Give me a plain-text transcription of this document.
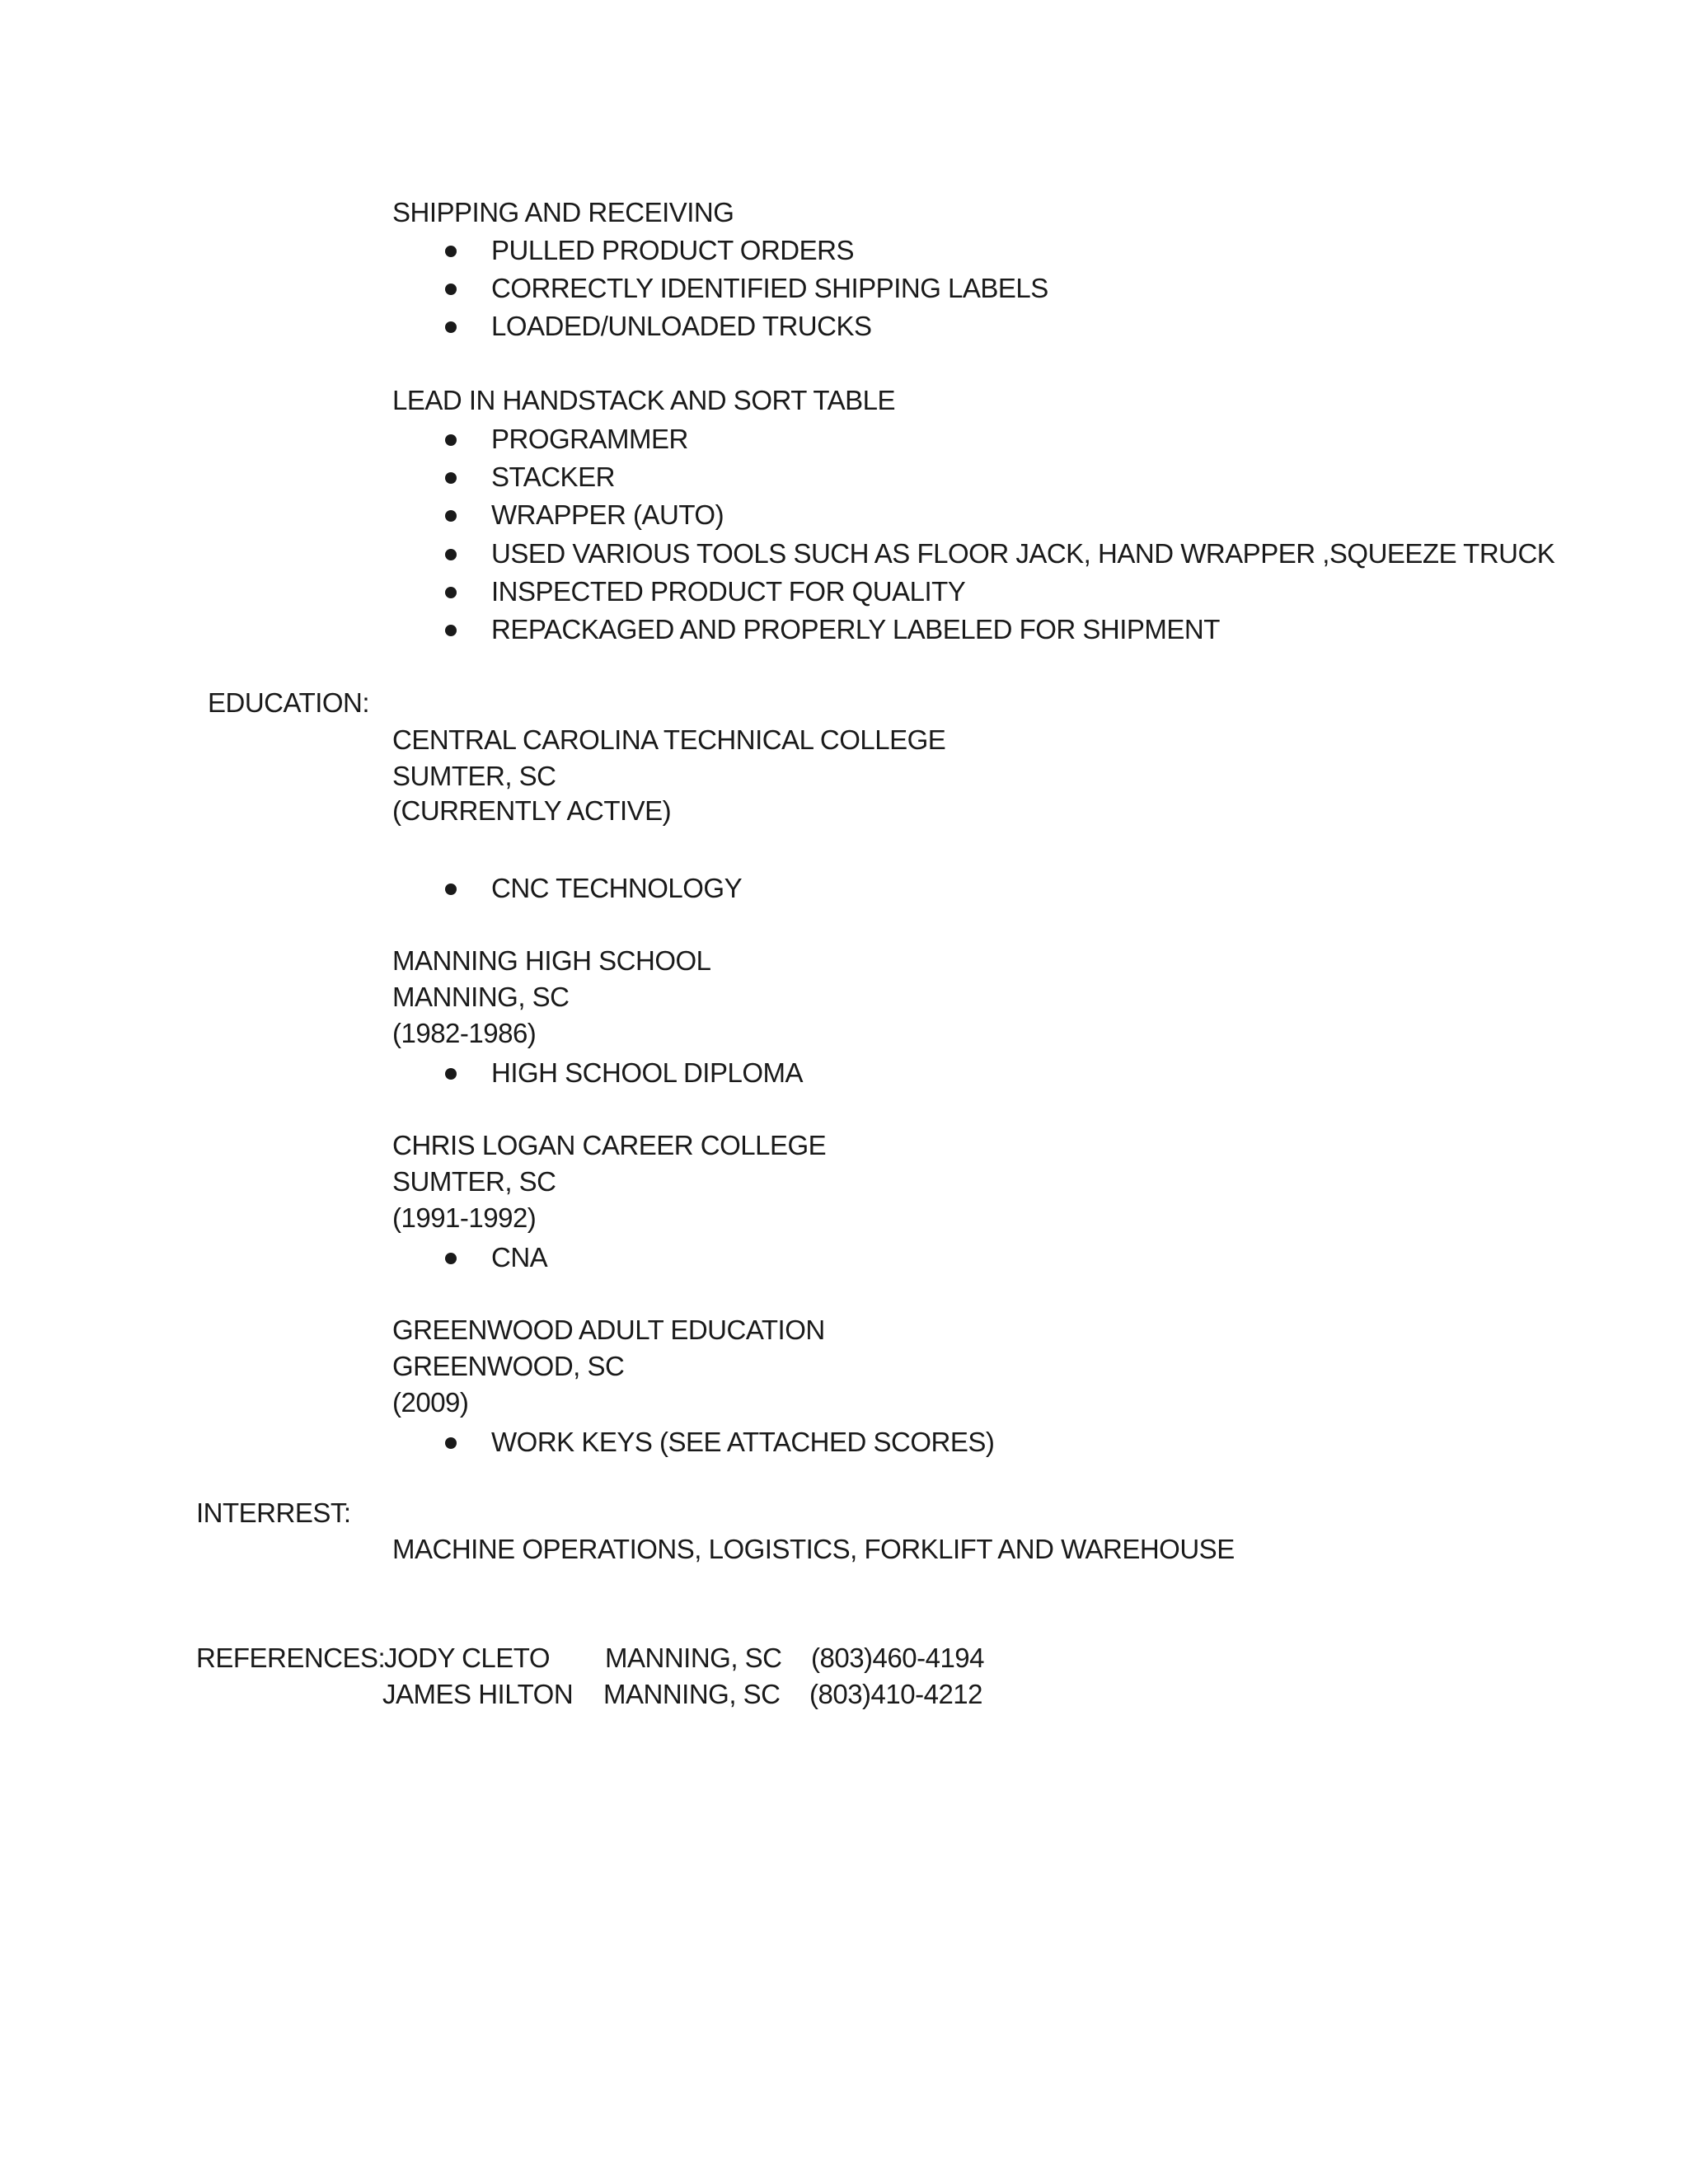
SHIPPING AND RECEIVING
PULLED PRODUCT ORDERS
CORRECTLY IDENTIFIED SHIPPING LABELS
LOADED/UNLOADED TRUCKS
LEAD IN HANDSTACK AND SORT TABLE
PROGRAMMER
STACKER
WRAPPER (AUTO)
USED VARIOUS TOOLS SUCH AS FLOOR JACK, HAND WRAPPER ,SQUEEZE TRUCK
INSPECTED PRODUCT FOR QUALITY
REPACKAGED AND PROPERLY LABELED FOR SHIPMENT
EDUCATION:
CENTRAL CAROLINA TECHNICAL COLLEGE
SUMTER, SC
(CURRENTLY ACTIVE)
CNC TECHNOLOGY
MANNING HIGH SCHOOL
MANNING, SC
(1982-1986)
HIGH SCHOOL DIPLOMA
CHRIS LOGAN CAREER COLLEGE
SUMTER, SC
(1991-1992)
CNA
GREENWOOD ADULT EDUCATION
GREENWOOD, SC
(2009)
WORK KEYS (SEE ATTACHED SCORES)
INTERREST:
MACHINE OPERATIONS, LOGISTICS, FORKLIFT AND WAREHOUSE
REFERENCES:
JODY CLETO MANNING, SC (803)460-4194
JAMES HILTON MANNING, SC (803)410-4212
